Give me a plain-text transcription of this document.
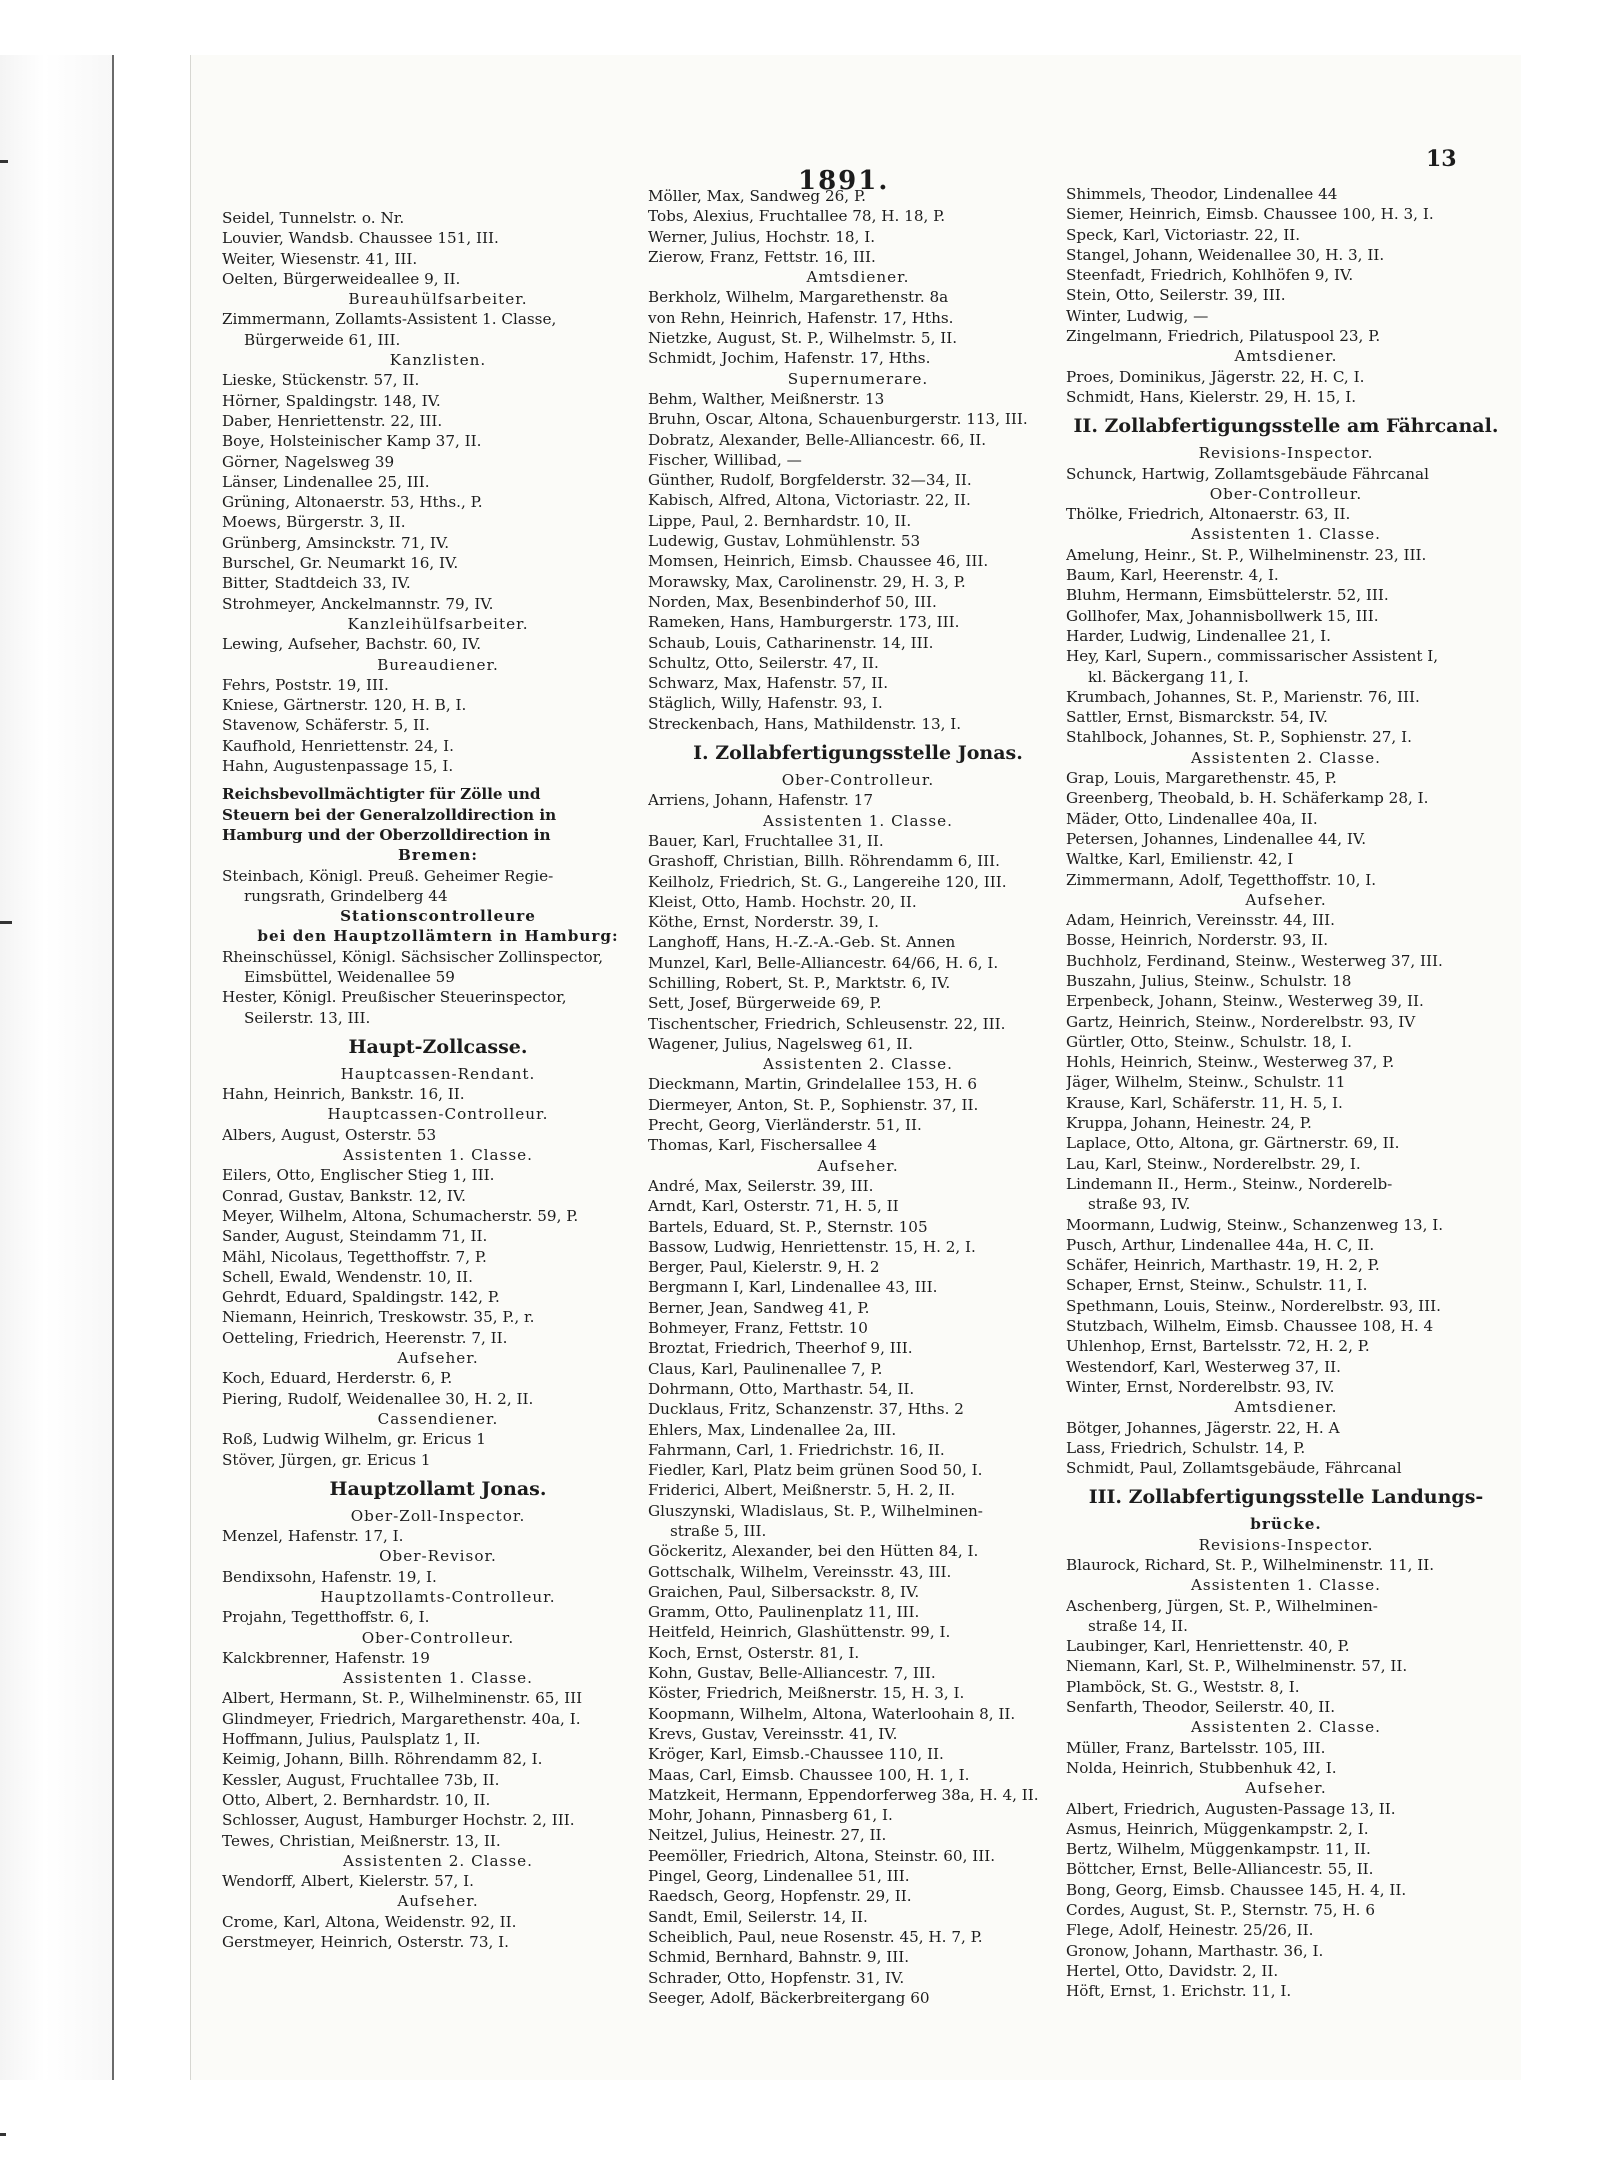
1891.
13
Seidel, Tunnelstr. o. Nr.
Louvier, Wandsb. Chaussee 151, III.
Weiter, Wiesenstr. 41, III.
Oelten, Bürgerweideallee 9, II.
Bureauhülfsarbeiter.
Zimmermann, Zollamts-Assistent 1. Classe,
Bürgerweide 61, III.
Kanzlisten.
Lieske, Stückenstr. 57, II.
Hörner, Spaldingstr. 148, IV.
Daber, Henriettenstr. 22, III.
Boye, Holsteinischer Kamp 37, II.
Görner, Nagelsweg 39
Länser, Lindenallee 25, III.
Grüning, Altonaerstr. 53, Hths., P.
Moews, Bürgerstr. 3, II.
Grünberg, Amsinckstr. 71, IV.
Burschel, Gr. Neumarkt 16, IV.
Bitter, Stadtdeich 33, IV.
Strohmeyer, Anckelmannstr. 79, IV.
Kanzleihülfsarbeiter.
Lewing, Aufseher, Bachstr. 60, IV.
Bureaudiener.
Fehrs, Poststr. 19, III.
Kniese, Gärtnerstr. 120, H. B, I.
Stavenow, Schäferstr. 5, II.
Kaufhold, Henriettenstr. 24, I.
Hahn, Augustenpassage 15, I.
Reichsbevollmächtigter für Zölle und
Steuern bei der Generalzolldirection in
Hamburg und der Oberzolldirection in
Bremen:
Steinbach, Königl. Preuß. Geheimer Regie-
rungsrath, Grindelberg 44
Stationscontrolleure
bei den Hauptzollämtern in Hamburg:
Rheinschüssel, Königl. Sächsischer Zollinspector,
Eimsbüttel, Weidenallee 59
Hester, Königl. Preußischer Steuerinspector,
Seilerstr. 13, III.
Haupt-Zollcasse.
Hauptcassen-Rendant.
Hahn, Heinrich, Bankstr. 16, II.
Hauptcassen-Controlleur.
Albers, August, Osterstr. 53
Assistenten 1. Classe.
Eilers, Otto, Englischer Stieg 1, III.
Conrad, Gustav, Bankstr. 12, IV.
Meyer, Wilhelm, Altona, Schumacherstr. 59, P.
Sander, August, Steindamm 71, II.
Mähl, Nicolaus, Tegetthoffstr. 7, P.
Schell, Ewald, Wendenstr. 10, II.
Gehrdt, Eduard, Spaldingstr. 142, P.
Niemann, Heinrich, Treskowstr. 35, P., r.
Oetteling, Friedrich, Heerenstr. 7, II.
Aufseher.
Koch, Eduard, Herderstr. 6, P.
Piering, Rudolf, Weidenallee 30, H. 2, II.
Cassendiener.
Roß, Ludwig Wilhelm, gr. Ericus 1
Stöver, Jürgen, gr. Ericus 1
Hauptzollamt Jonas.
Ober-Zoll-Inspector.
Menzel, Hafenstr. 17, I.
Ober-Revisor.
Bendixsohn, Hafenstr. 19, I.
Hauptzollamts-Controlleur.
Projahn, Tegetthoffstr. 6, I.
Ober-Controlleur.
Kalckbrenner, Hafenstr. 19
Assistenten 1. Classe.
Albert, Hermann, St. P., Wilhelminenstr. 65, III
Glindmeyer, Friedrich, Margarethenstr. 40a, I.
Hoffmann, Julius, Paulsplatz 1, II.
Keimig, Johann, Billh. Röhrendamm 82, I.
Kessler, August, Fruchtallee 73b, II.
Otto, Albert, 2. Bernhardstr. 10, II.
Schlosser, August, Hamburger Hochstr. 2, III.
Tewes, Christian, Meißnerstr. 13, II.
Assistenten 2. Classe.
Wendorff, Albert, Kielerstr. 57, I.
Aufseher.
Crome, Karl, Altona, Weidenstr. 92, II.
Gerstmeyer, Heinrich, Osterstr. 73, I.
Möller, Max, Sandweg 26, P.
Tobs, Alexius, Fruchtallee 78, H. 18, P.
Werner, Julius, Hochstr. 18, I.
Zierow, Franz, Fettstr. 16, III.
Amtsdiener.
Berkholz, Wilhelm, Margarethenstr. 8a
von Rehn, Heinrich, Hafenstr. 17, Hths.
Nietzke, August, St. P., Wilhelmstr. 5, II.
Schmidt, Jochim, Hafenstr. 17, Hths.
Supernumerare.
Behm, Walther, Meißnerstr. 13
Bruhn, Oscar, Altona, Schauenburgerstr. 113, III.
Dobratz, Alexander, Belle-Alliancestr. 66, II.
Fischer, Willibad, —
Günther, Rudolf, Borgfelderstr. 32—34, II.
Kabisch, Alfred, Altona, Victoriastr. 22, II.
Lippe, Paul, 2. Bernhardstr. 10, II.
Ludewig, Gustav, Lohmühlenstr. 53
Momsen, Heinrich, Eimsb. Chaussee 46, III.
Morawsky, Max, Carolinenstr. 29, H. 3, P.
Norden, Max, Besenbinderhof 50, III.
Rameken, Hans, Hamburgerstr. 173, III.
Schaub, Louis, Catharinenstr. 14, III.
Schultz, Otto, Seilerstr. 47, II.
Schwarz, Max, Hafenstr. 57, II.
Stäglich, Willy, Hafenstr. 93, I.
Streckenbach, Hans, Mathildenstr. 13, I.
I. Zollabfertigungsstelle Jonas.
Ober-Controlleur.
Arriens, Johann, Hafenstr. 17
Assistenten 1. Classe.
Bauer, Karl, Fruchtallee 31, II.
Grashoff, Christian, Billh. Röhrendamm 6, III.
Keilholz, Friedrich, St. G., Langereihe 120, III.
Kleist, Otto, Hamb. Hochstr. 20, II.
Köthe, Ernst, Norderstr. 39, I.
Langhoff, Hans, H.-Z.-A.-Geb. St. Annen
Munzel, Karl, Belle-Alliancestr. 64/66, H. 6, I.
Schilling, Robert, St. P., Marktstr. 6, IV.
Sett, Josef, Bürgerweide 69, P.
Tischentscher, Friedrich, Schleusenstr. 22, III.
Wagener, Julius, Nagelsweg 61, II.
Assistenten 2. Classe.
Dieckmann, Martin, Grindelallee 153, H. 6
Diermeyer, Anton, St. P., Sophienstr. 37, II.
Precht, Georg, Vierländerstr. 51, II.
Thomas, Karl, Fischersallee 4
Aufseher.
André, Max, Seilerstr. 39, III.
Arndt, Karl, Osterstr. 71, H. 5, II
Bartels, Eduard, St. P., Sternstr. 105
Bassow, Ludwig, Henriettenstr. 15, H. 2, I.
Berger, Paul, Kielerstr. 9, H. 2
Bergmann I, Karl, Lindenallee 43, III.
Berner, Jean, Sandweg 41, P.
Bohmeyer, Franz, Fettstr. 10
Broztat, Friedrich, Theerhof 9, III.
Claus, Karl, Paulinenallee 7, P.
Dohrmann, Otto, Marthastr. 54, II.
Ducklaus, Fritz, Schanzenstr. 37, Hths. 2
Ehlers, Max, Lindenallee 2a, III.
Fahrmann, Carl, 1. Friedrichstr. 16, II.
Fiedler, Karl, Platz beim grünen Sood 50, I.
Friderici, Albert, Meißnerstr. 5, H. 2, II.
Gluszynski, Wladislaus, St. P., Wilhelminen-
straße 5, III.
Göckeritz, Alexander, bei den Hütten 84, I.
Gottschalk, Wilhelm, Vereinsstr. 43, III.
Graichen, Paul, Silbersackstr. 8, IV.
Gramm, Otto, Paulinenplatz 11, III.
Heitfeld, Heinrich, Glashüttenstr. 99, I.
Koch, Ernst, Osterstr. 81, I.
Kohn, Gustav, Belle-Alliancestr. 7, III.
Köster, Friedrich, Meißnerstr. 15, H. 3, I.
Koopmann, Wilhelm, Altona, Waterloohain 8, II.
Krevs, Gustav, Vereinsstr. 41, IV.
Kröger, Karl, Eimsb.-Chaussee 110, II.
Maas, Carl, Eimsb. Chaussee 100, H. 1, I.
Matzkeit, Hermann, Eppendorferweg 38a, H. 4, II.
Mohr, Johann, Pinnasberg 61, I.
Neitzel, Julius, Heinestr. 27, II.
Peemöller, Friedrich, Altona, Steinstr. 60, III.
Pingel, Georg, Lindenallee 51, III.
Raedsch, Georg, Hopfenstr. 29, II.
Sandt, Emil, Seilerstr. 14, II.
Scheiblich, Paul, neue Rosenstr. 45, H. 7, P.
Schmid, Bernhard, Bahnstr. 9, III.
Schrader, Otto, Hopfenstr. 31, IV.
Seeger, Adolf, Bäckerbreitergang 60
Shimmels, Theodor, Lindenallee 44
Siemer, Heinrich, Eimsb. Chaussee 100, H. 3, I.
Speck, Karl, Victoriastr. 22, II.
Stangel, Johann, Weidenallee 30, H. 3, II.
Steenfadt, Friedrich, Kohlhöfen 9, IV.
Stein, Otto, Seilerstr. 39, III.
Winter, Ludwig, —
Zingelmann, Friedrich, Pilatuspool 23, P.
Amtsdiener.
Proes, Dominikus, Jägerstr. 22, H. C, I.
Schmidt, Hans, Kielerstr. 29, H. 15, I.
II. Zollabfertigungsstelle am Fährcanal.
Revisions-Inspector.
Schunck, Hartwig, Zollamtsgebäude Fährcanal
Ober-Controlleur.
Thölke, Friedrich, Altonaerstr. 63, II.
Assistenten 1. Classe.
Amelung, Heinr., St. P., Wilhelminenstr. 23, III.
Baum, Karl, Heerenstr. 4, I.
Bluhm, Hermann, Eimsbüttelerstr. 52, III.
Gollhofer, Max, Johannisbollwerk 15, III.
Harder, Ludwig, Lindenallee 21, I.
Hey, Karl, Supern., commissarischer Assistent I,
kl. Bäckergang 11, I.
Krumbach, Johannes, St. P., Marienstr. 76, III.
Sattler, Ernst, Bismarckstr. 54, IV.
Stahlbock, Johannes, St. P., Sophienstr. 27, I.
Assistenten 2. Classe.
Grap, Louis, Margarethenstr. 45, P.
Greenberg, Theobald, b. H. Schäferkamp 28, I.
Mäder, Otto, Lindenallee 40a, II.
Petersen, Johannes, Lindenallee 44, IV.
Waltke, Karl, Emilienstr. 42, I
Zimmermann, Adolf, Tegetthoffstr. 10, I.
Aufseher.
Adam, Heinrich, Vereinsstr. 44, III.
Bosse, Heinrich, Norderstr. 93, II.
Buchholz, Ferdinand, Steinw., Westerweg 37, III.
Buszahn, Julius, Steinw., Schulstr. 18
Erpenbeck, Johann, Steinw., Westerweg 39, II.
Gartz, Heinrich, Steinw., Norderelbstr. 93, IV
Gürtler, Otto, Steinw., Schulstr. 18, I.
Hohls, Heinrich, Steinw., Westerweg 37, P.
Jäger, Wilhelm, Steinw., Schulstr. 11
Krause, Karl, Schäferstr. 11, H. 5, I.
Kruppa, Johann, Heinestr. 24, P.
Laplace, Otto, Altona, gr. Gärtnerstr. 69, II.
Lau, Karl, Steinw., Norderelbstr. 29, I.
Lindemann II., Herm., Steinw., Norderelb-
straße 93, IV.
Moormann, Ludwig, Steinw., Schanzenweg 13, I.
Pusch, Arthur, Lindenallee 44a, H. C, II.
Schäfer, Heinrich, Marthastr. 19, H. 2, P.
Schaper, Ernst, Steinw., Schulstr. 11, I.
Spethmann, Louis, Steinw., Norderelbstr. 93, III.
Stutzbach, Wilhelm, Eimsb. Chaussee 108, H. 4
Uhlenhop, Ernst, Bartelsstr. 72, H. 2, P.
Westendorf, Karl, Westerweg 37, II.
Winter, Ernst, Norderelbstr. 93, IV.
Amtsdiener.
Bötger, Johannes, Jägerstr. 22, H. A
Lass, Friedrich, Schulstr. 14, P.
Schmidt, Paul, Zollamtsgebäude, Fährcanal
III. Zollabfertigungsstelle Landungs-
brücke.
Revisions-Inspector.
Blaurock, Richard, St. P., Wilhelminenstr. 11, II.
Assistenten 1. Classe.
Aschenberg, Jürgen, St. P., Wilhelminen-
straße 14, II.
Laubinger, Karl, Henriettenstr. 40, P.
Niemann, Karl, St. P., Wilhelminenstr. 57, II.
Plamböck, St. G., Weststr. 8, I.
Senfarth, Theodor, Seilerstr. 40, II.
Assistenten 2. Classe.
Müller, Franz, Bartelsstr. 105, III.
Nolda, Heinrich, Stubbenhuk 42, I.
Aufseher.
Albert, Friedrich, Augusten-Passage 13, II.
Asmus, Heinrich, Müggenkampstr. 2, I.
Bertz, Wilhelm, Müggenkampstr. 11, II.
Böttcher, Ernst, Belle-Alliancestr. 55, II.
Bong, Georg, Eimsb. Chaussee 145, H. 4, II.
Cordes, August, St. P., Sternstr. 75, H. 6
Flege, Adolf, Heinestr. 25/26, II.
Gronow, Johann, Marthastr. 36, I.
Hertel, Otto, Davidstr. 2, II.
Höft, Ernst, 1. Erichstr. 11, I.
